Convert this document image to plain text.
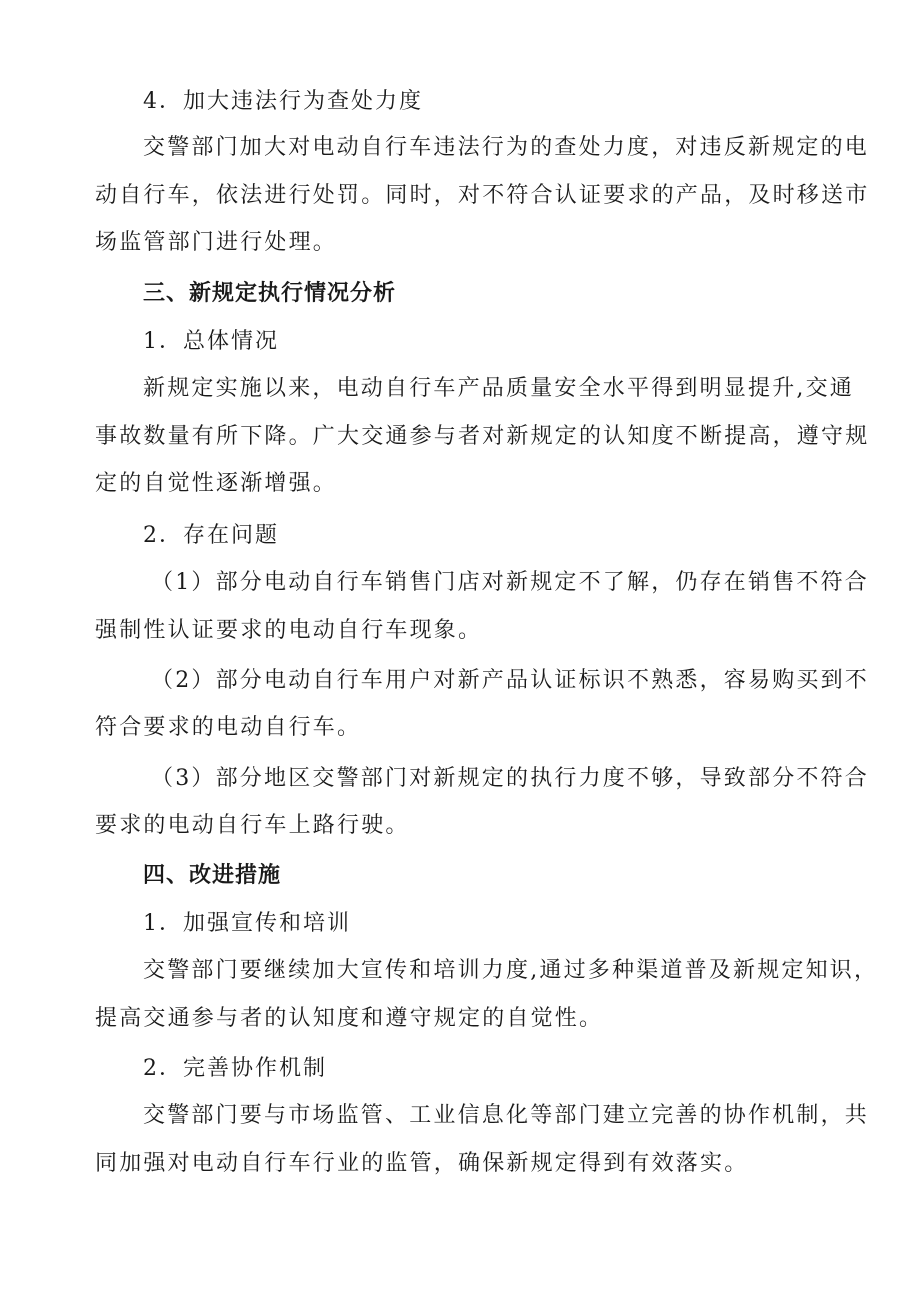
4．加大违法行为查处力度
交警部门加大对电动自行车违法行为的查处力度，对违反新规定的电
动自行车，依法进行处罚。同时，对不符合认证要求的产品，及时移送市
场监管部门进行处理。
三、新规定执行情况分析
1．总体情况
新规定实施以来，电动自行车产品质量安全水平得到明显提升,交通
事故数量有所下降。广大交通参与者对新规定的认知度不断提高，遵守规
定的自觉性逐渐增强。
2．存在问题
（1）部分电动自行车销售门店对新规定不了解，仍存在销售不符合
强制性认证要求的电动自行车现象。
（2）部分电动自行车用户对新产品认证标识不熟悉，容易购买到不
符合要求的电动自行车。
（3）部分地区交警部门对新规定的执行力度不够，导致部分不符合
要求的电动自行车上路行驶。
四、改进措施
1．加强宣传和培训
交警部门要继续加大宣传和培训力度,通过多种渠道普及新规定知识，
提高交通参与者的认知度和遵守规定的自觉性。
2．完善协作机制
交警部门要与市场监管、工业信息化等部门建立完善的协作机制，共
同加强对电动自行车行业的监管，确保新规定得到有效落实。
